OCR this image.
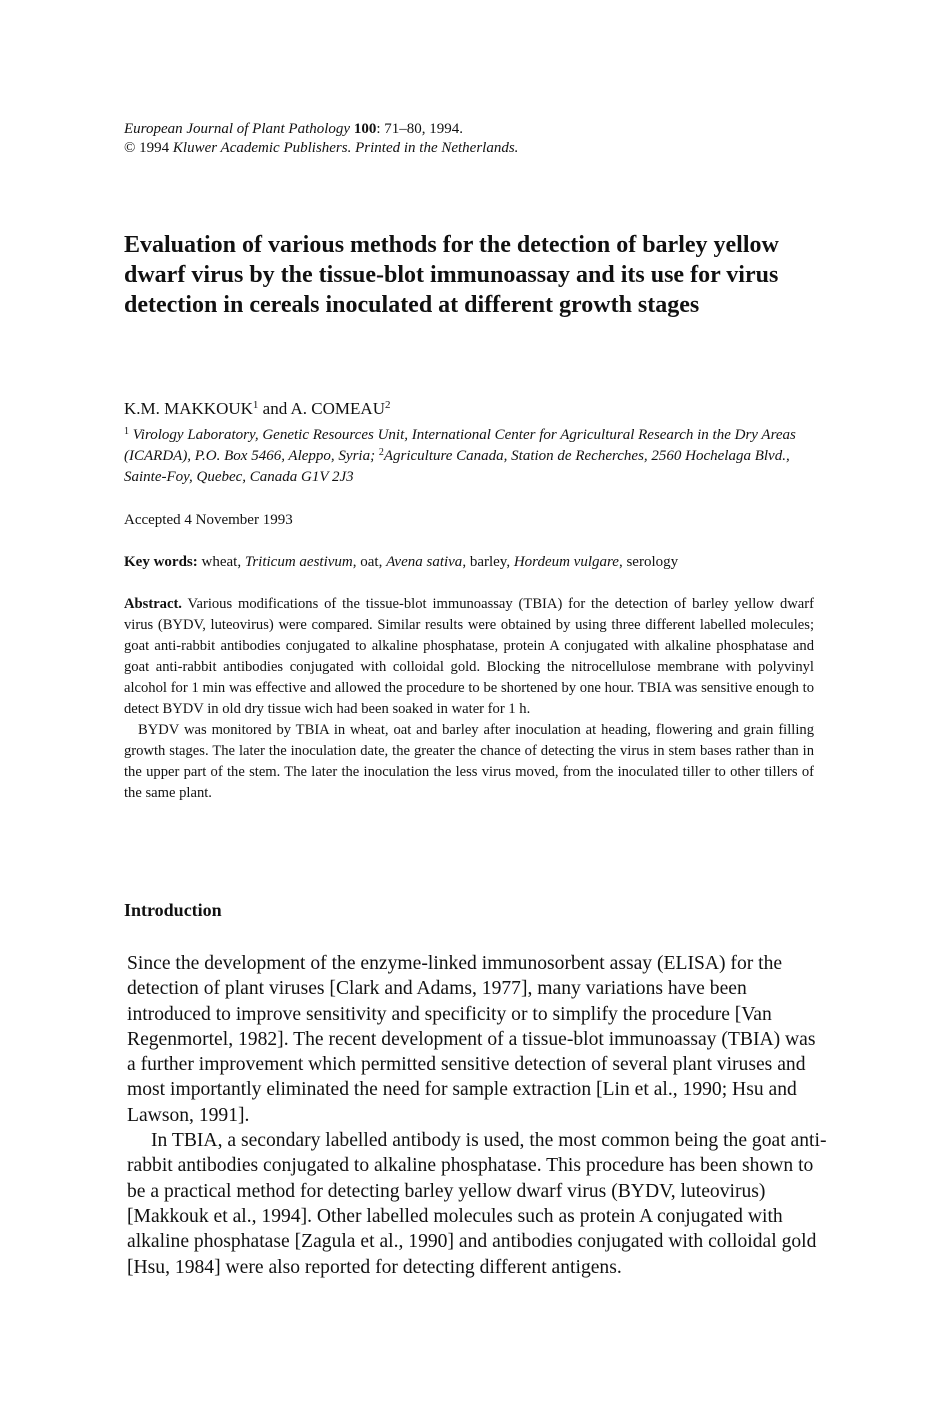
European Journal of Plant Pathology 100: 71–80, 1994.
© 1994 Kluwer Academic Publishers. Printed in the Netherlands.
Evaluation of various methods for the detection of barley yellow dwarf virus by the tissue-blot immunoassay and its use for virus detection in cereals inoculated at different growth stages
K.M. MAKKOUK$^1$ and A. COMEAU$^2$
$^1$ Virology Laboratory, Genetic Resources Unit, International Center for Agricultural Research in the Dry Areas (ICARDA), P.O. Box 5466, Aleppo, Syria; $^2$Agriculture Canada, Station de Recherches, 2560 Hochelaga Blvd., Sainte-Foy, Quebec, Canada G1V 2J3
Accepted 4 November 1993
Key words: wheat, Triticum aestivum, oat, Avena sativa, barley, Hordeum vulgare, serology

Abstract. Various modifications of the tissue-blot immunoassay (TBIA) for the detection of barley yellow dwarf virus (BYDV, luteovirus) were compared. Similar results were obtained by using three different labelled molecules; goat anti-rabbit antibodies conjugated to alkaline phosphatase, protein A conjugated with alkaline phosphatase and goat anti-rabbit antibodies conjugated with colloidal gold. Blocking the nitrocellulose membrane with polyvinyl alcohol for 1 min was effective and allowed the procedure to be shortened by one hour. TBIA was sensitive enough to detect BYDV in old dry tissue wich had been soaked in water for 1 h.

BYDV was monitored by TBIA in wheat, oat and barley after inoculation at heading, flowering and grain filling growth stages. The later the inoculation date, the greater the chance of detecting the virus in stem bases rather than in the upper part of the stem. The later the inoculation the less virus moved, from the inoculated tiller to other tillers of the same plant.

Introduction

Since the development of the enzyme-linked immunosorbent assay (ELISA) for the detection of plant viruses [Clark and Adams, 1977], many variations have been introduced to improve sensitivity and specificity or to simplify the procedure [Van Regenmortel, 1982]. The recent development of a tissue-blot immunoassay (TBIA) was a further improvement which permitted sensitive detection of several plant viruses and most importantly eliminated the need for sample extraction [Lin et al., 1990; Hsu and Lawson, 1991].

In TBIA, a secondary labelled antibody is used, the most common being the goat anti-rabbit antibodies conjugated to alkaline phosphatase. This procedure has been shown to be a practical method for detecting barley yellow dwarf virus (BYDV, luteovirus) [Makkouk et al., 1994]. Other labelled molecules such as protein A conjugated with alkaline phosphatase [Zagula et al., 1990] and antibodies conjugated with colloidal gold [Hsu, 1984] were also reported for detecting different antigens.
